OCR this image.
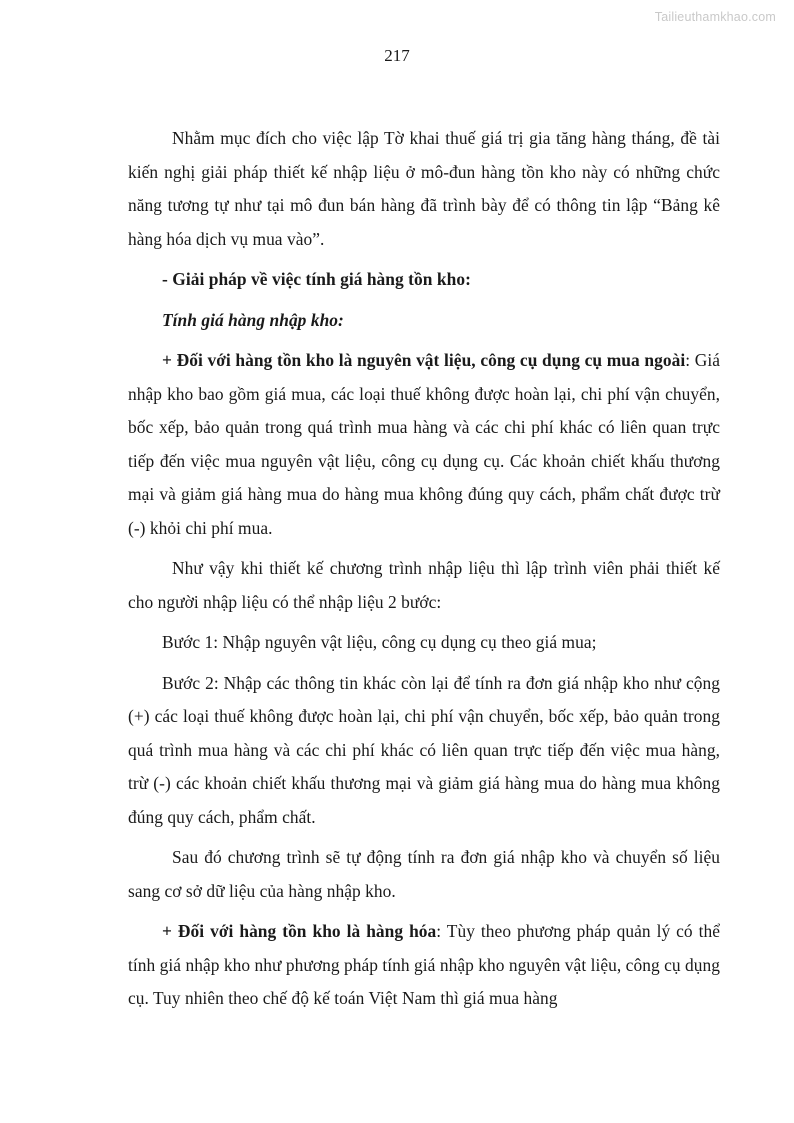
Tailieuthamkhao.com
217

Nhằm mục đích cho việc lập Tờ khai thuế giá trị gia tăng hàng tháng, đề tài kiến nghị giải pháp thiết kế nhập liệu ở mô-đun hàng tồn kho này có những chức năng tương tự như tại mô đun bán hàng đã trình bày để có thông tin lập “Bảng kê hàng hóa dịch vụ mua vào”.

- Giải pháp về việc tính giá hàng tồn kho:

Tính giá hàng nhập kho:

+ Đối với hàng tồn kho là nguyên vật liệu, công cụ dụng cụ mua ngoài: Giá nhập kho bao gồm giá mua, các loại thuế không được hoàn lại, chi phí vận chuyển, bốc xếp, bảo quản trong quá trình mua hàng và các chi phí khác có liên quan trực tiếp đến việc mua nguyên vật liệu, công cụ dụng cụ. Các khoản chiết khấu thương mại và giảm giá hàng mua do hàng mua không đúng quy cách, phẩm chất được trừ (-) khỏi chi phí mua.

Như vậy khi thiết kế chương trình nhập liệu thì lập trình viên phải thiết kế cho người nhập liệu có thể nhập liệu 2 bước:

Bước 1: Nhập nguyên vật liệu, công cụ dụng cụ theo giá mua;

Bước 2: Nhập các thông tin khác còn lại để tính ra đơn giá nhập kho như cộng (+) các loại thuế không được hoàn lại, chi phí vận chuyển, bốc xếp, bảo quản trong quá trình mua hàng và các chi phí khác có liên quan trực tiếp đến việc mua hàng, trừ (-) các khoản chiết khấu thương mại và giảm giá hàng mua do hàng mua không đúng quy cách, phẩm chất.

Sau đó chương trình sẽ tự động tính ra đơn giá nhập kho và chuyển số liệu sang cơ sở dữ liệu của hàng nhập kho.

+ Đối với hàng tồn kho là hàng hóa: Tùy theo phương pháp quản lý có thể tính giá nhập kho như phương pháp tính giá nhập kho nguyên vật liệu, công cụ dụng cụ. Tuy nhiên theo chế độ kế toán Việt Nam thì giá mua hàng
